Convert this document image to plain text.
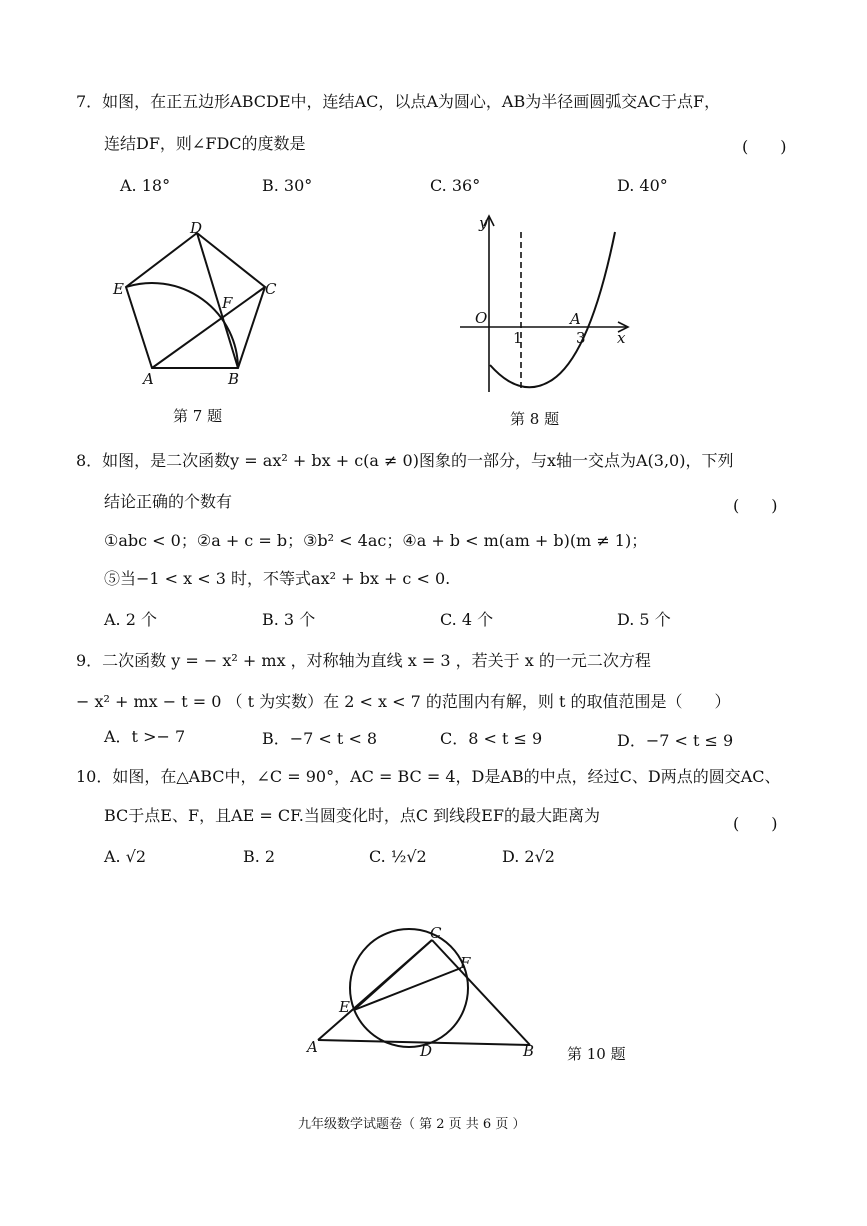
7．如图，在正五边形ABCDE中，连结AC，以点A为圆心，AB为半径画圆弧交AC于点F，
连结DF，则∠FDC的度数是	(　　)
A. 18°	B. 30°	C. 36°	D. 40°
D
E	C
F
A	B
第 7 题
y
x
O
1	3
A
第 8 题
8．如图，是二次函数y = ax² + bx + c(a ≠ 0)图象的一部分，与x轴一交点为A(3,0)，下列
结论正确的个数有	(　　)
①abc < 0；②a + c = b；③b² < 4ac；④a + b < m(am + b)(m ≠ 1)；
⑤当−1 < x < 3 时，不等式ax² + bx + c < 0.
A. 2 个	B. 3 个	C. 4 个	D. 5 个
9．二次函数 y = − x² + mx ，对称轴为直线 x = 3 ，若关于 x 的一元二次方程
− x² + mx − t = 0 （ t 为实数）在 2 < x < 7 的范围内有解，则 t 的取值范围是（　　）
A．t >− 7	B．−7 < t < 8	C．8 < t ≤ 9	D．−7 < t ≤ 9
10．如图，在△ABC中，∠C = 90°，AC = BC = 4，D是AB的中点，经过C、D两点的圆交AC、
BC于点E、F，且AE = CF.当圆变化时，点C 到线段EF的最大距离为	(　　)
A. √2	B. 2	C. ½√2	D. 2√2
C
F
E
A	D	B 第 10 题
九年级数学试题卷（ 第 2 页 共 6 页 ）
